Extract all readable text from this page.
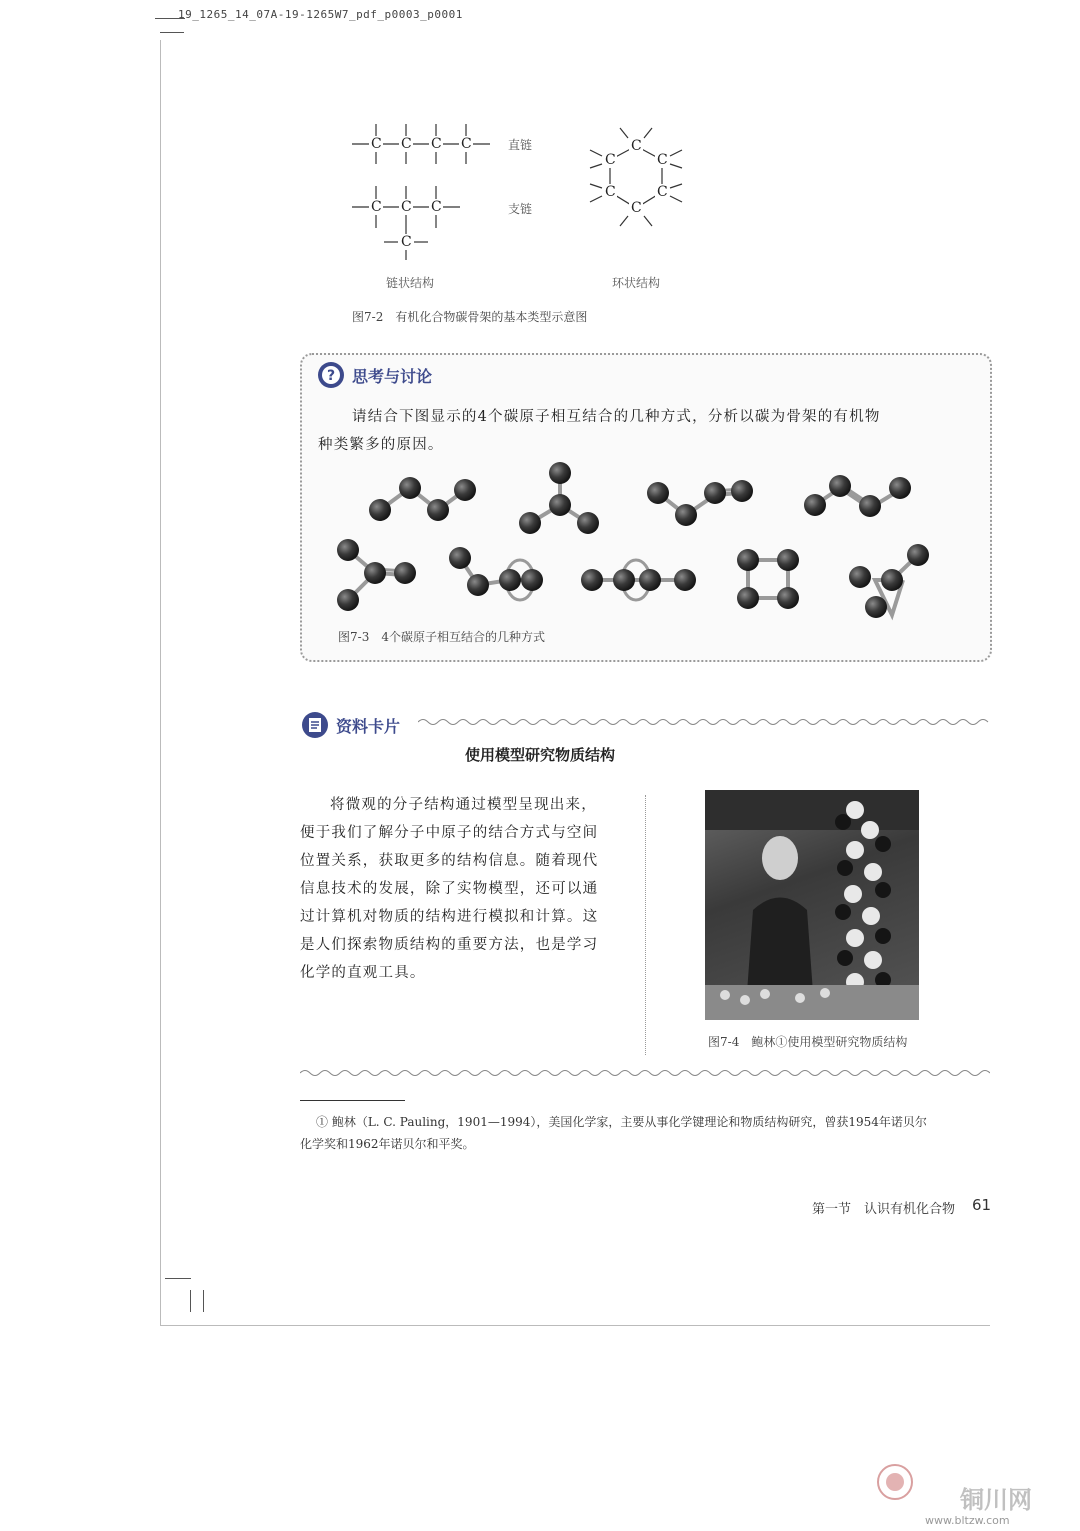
19_1265_14_07A-19-1265W7_pdf_p0003_p0001
C C C C
C C C
C
C
C
C
C
C
C
直链
支链
链状结构	环状结构
图7-2　有机化合物碳骨架的基本类型示意图
? 思考与讨论
请结合下图显示的4个碳原子相互结合的几种方式，分析以碳为骨架的有机物
种类繁多的原因。
图7-3　4个碳原子相互结合的几种方式
资料卡片
使用模型研究物质结构
将微观的分子结构通过模型呈现出来，
便于我们了解分子中原子的结合方式与空间
位置关系，获取更多的结构信息。随着现代
信息技术的发展，除了实物模型，还可以通
过计算机对物质的结构进行模拟和计算。这
是人们探索物质结构的重要方法，也是学习
化学的直观工具。
图7-4　鲍林①使用模型研究物质结构
① 鲍林（L. C. Pauling，1901—1994），美国化学家，主要从事化学键理论和物质结构研究，曾获1954年诺贝尔
化学奖和1962年诺贝尔和平奖。
第一节　认识有机化合物 61
铜川网
www.bltzw.com
